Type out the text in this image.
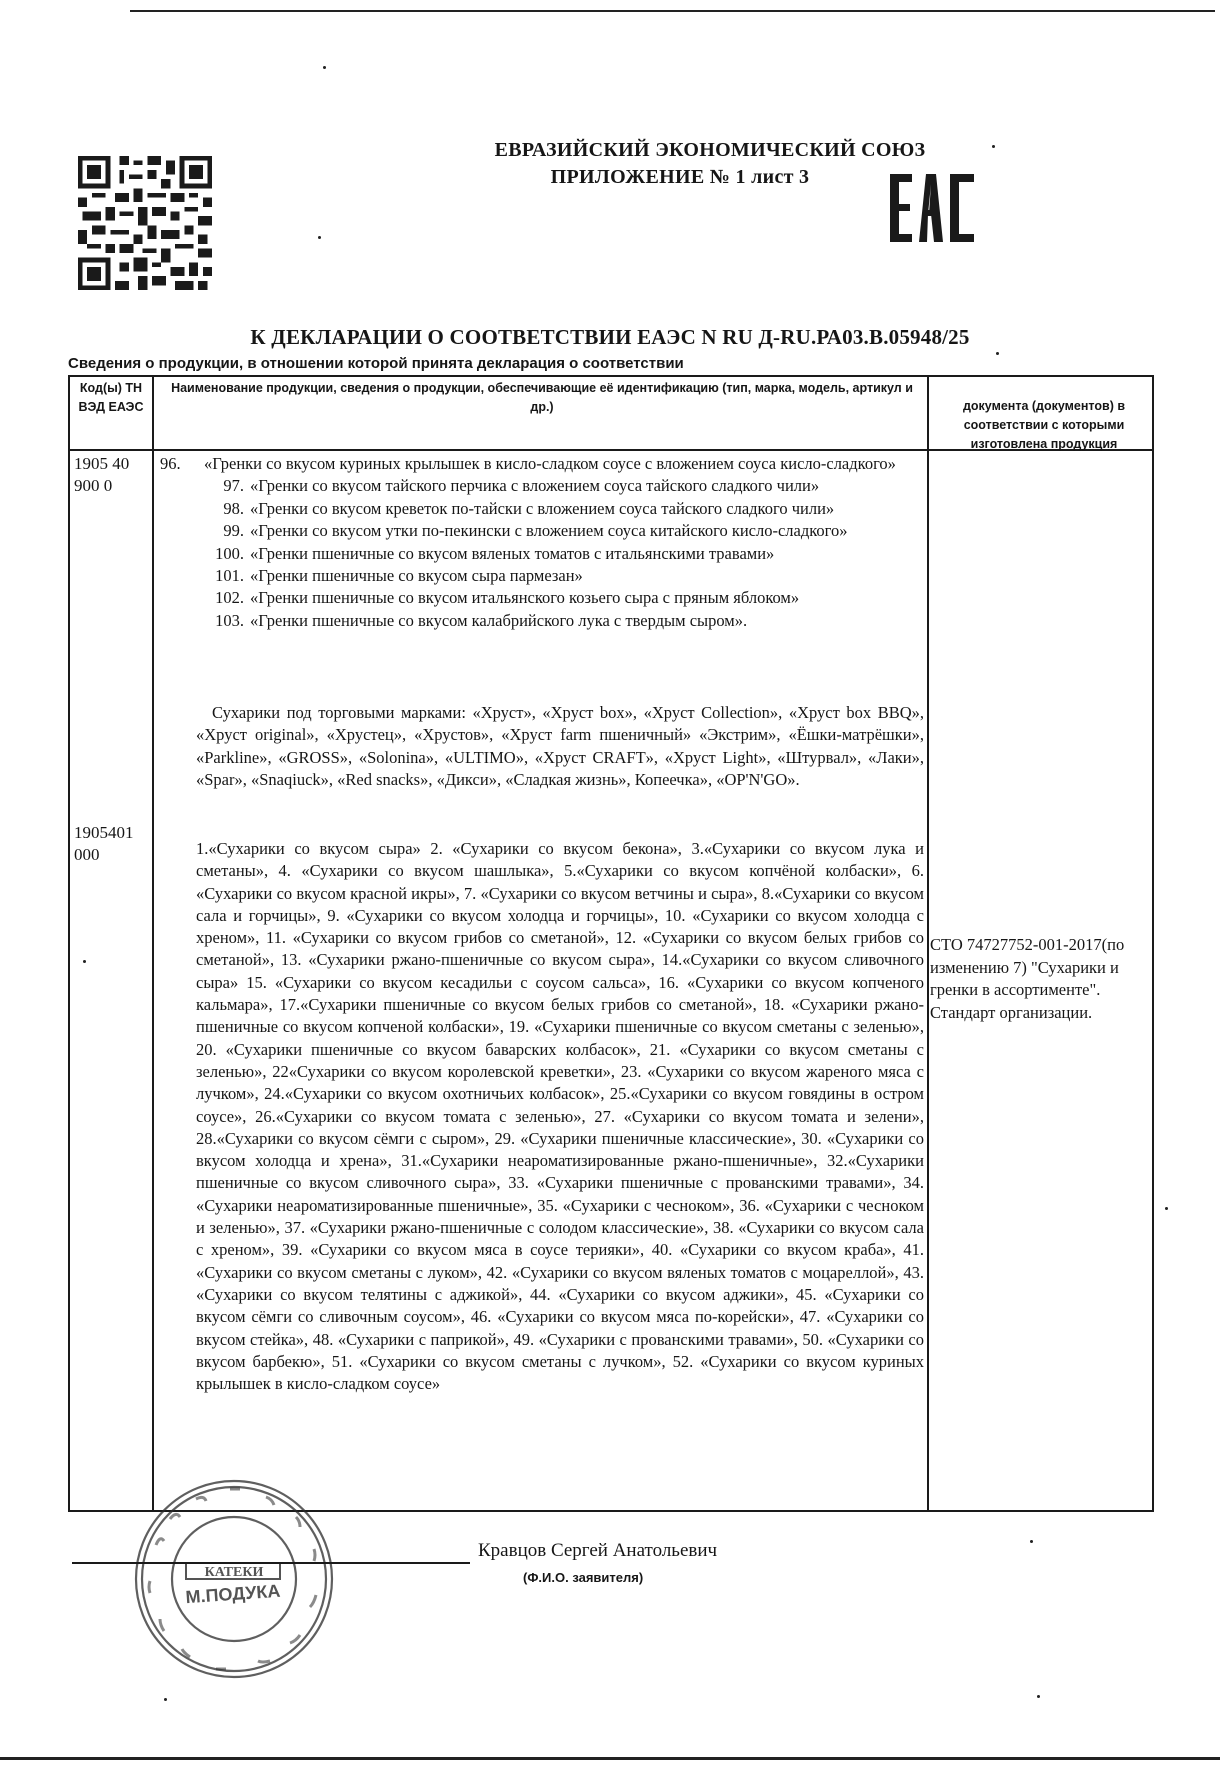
ЕВРАЗИЙСКИЙ ЭКОНОМИЧЕСКИЙ СОЮЗ
ПРИЛОЖЕНИЕ № 1 лист 3
К ДЕКЛАРАЦИИ О СООТВЕТСТВИИ ЕАЭС N RU Д-RU.РА03.В.05948/25
Сведения о продукции, в отношении которой принята декларация о соответствии
Код(ы) ТН ВЭД ЕАЭС
Наименование продукции, сведения о продукции, обеспечивающие её идентификацию (тип, марка, модель, артикул и др.)	документа (документов) в соответствии с которыми изготовлена продукция
1905 40 900 0
1905401 000
96.	«Гренки со вкусом куриных крылышек в кисло-сладком соусе с вложением соуса кисло-сладкого»
97. «Гренки со вкусом тайского перчика с вложением соуса тайского сладкого чили»
98. «Гренки со вкусом креветок по-тайски с вложением соуса тайского сладкого чили»
99. «Гренки со вкусом утки по-пекински с вложением соуса китайского кисло-сладкого»
100. «Гренки пшеничные со вкусом вяленых томатов с итальянскими травами»
101. «Гренки пшеничные со вкусом сыра пармезан»
102. «Гренки пшеничные со вкусом итальянского козьего сыра с пряным яблоком»
103. «Гренки пшеничные со вкусом калабрийского лука с твердым сыром».
Сухарики под торговыми марками: «Хруст», «Хруст box», «Хруст Collection», «Хруст box BBQ», «Хруст original», «Хрустец», «Хрустов», «Хруст farm пшеничный» «Экстрим», «Ёшки-матрёшки», «Parkline», «GROSS», «Solonina», «ULTIMO», «Хруст CRAFT», «Хруст Light», «Штурвал», «Лаки», «Spar», «Snaqiuck», «Red snacks», «Дикси», «Сладкая жизнь», Копеечка», «OP'N'GO».
1.«Сухарики со вкусом сыра» 2. «Сухарики со вкусом бекона», 3.«Сухарики со вкусом лука и сметаны», 4. «Сухарики со вкусом шашлыка», 5.«Сухарики со вкусом копчёной колбаски», 6. «Сухарики со вкусом красной икры», 7. «Сухарики со вкусом ветчины и сыра», 8.«Сухарики со вкусом сала и горчицы», 9. «Сухарики со вкусом холодца и горчицы», 10. «Сухарики со вкусом холодца с хреном», 11. «Сухарики со вкусом грибов со сметаной», 12. «Сухарики со вкусом белых грибов со сметаной», 13. «Сухарики ржано-пшеничные со вкусом сыра», 14.«Сухарики со вкусом сливочного сыра» 15. «Сухарики со вкусом кесадильи с соусом сальса», 16. «Сухарики со вкусом копченого кальмара», 17.«Сухарики пшеничные со вкусом белых грибов со сметаной», 18. «Сухарики ржано-пшеничные со вкусом копченой колбаски», 19. «Сухарики пшеничные со вкусом сметаны с зеленью», 20. «Сухарики пшеничные со вкусом баварских колбасок», 21. «Сухарики со вкусом сметаны с зеленью», 22«Сухарики со вкусом королевской креветки», 23. «Сухарики со вкусом жареного мяса с лучком», 24.«Сухарики со вкусом охотничьих колбасок», 25.«Сухарики со вкусом говядины в остром соусе», 26.«Сухарики со вкусом томата с зеленью», 27. «Сухарики со вкусом томата и зелени», 28.«Сухарики со вкусом сёмги с сыром», 29. «Сухарики пшеничные классические», 30. «Сухарики со вкусом холодца и хрена», 31.«Сухарики неароматизированные ржано-пшеничные», 32.«Сухарики пшеничные со вкусом сливочного сыра», 33. «Сухарики пшеничные с прованскими травами», 34. «Сухарики неароматизированные пшеничные», 35. «Сухарики с чесноком», 36. «Сухарики с чесноком и зеленью», 37. «Сухарики ржано-пшеничные с солодом классические», 38. «Сухарики со вкусом сала с хреном», 39. «Сухарики со вкусом мяса в соусе терияки», 40. «Сухарики со вкусом краба», 41. «Сухарики со вкусом сметаны с луком», 42. «Сухарики со вкусом вяленых томатов с моцареллой», 43. «Сухарики со вкусом телятины с аджикой», 44. «Сухарики со вкусом аджики», 45. «Сухарики со вкусом сёмги со сливочным соусом», 46. «Сухарики со вкусом мяса по-корейски», 47. «Сухарики со вкусом стейка», 48. «Сухарики с паприкой», 49. «Сухарики с прованскими травами», 50. «Сухарики со вкусом барбекю», 51. «Сухарики со вкусом сметаны с лучком», 52. «Сухарики со вкусом куриных крылышек в кисло-сладком соусе»
СТО 74727752-001-2017(по изменению 7) "Сухарики и гренки в ассортименте". Стандарт организации.
КАТЕКИ
М.ПОДУКА
Кравцов Сергей Анатольевич
(Ф.И.О. заявителя)
